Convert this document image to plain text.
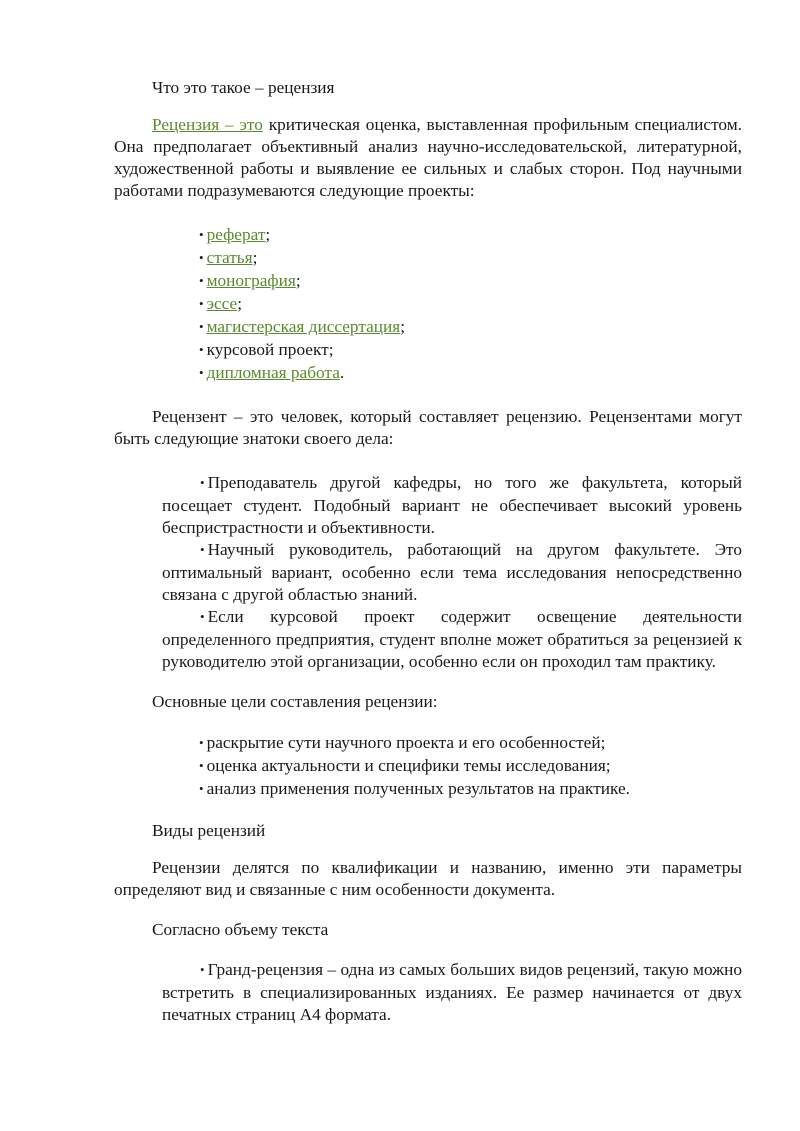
Что это такое – рецензия

Рецензия – это критическая оценка, выставленная профильным специалистом. Она предполагает объективный анализ научно-исследовательской, литературной, художественной работы и выявление ее сильных и слабых сторон. Под научными работами подразумеваются следующие проекты:

• реферат;
• статья;
• монография;
• эссе;
• магистерская диссертация;
• курсовой проект;
• дипломная работа.

Рецензент – это человек, который составляет рецензию. Рецензентами могут быть следующие знатоки своего дела:

• Преподаватель другой кафедры, но того же факультета, который посещает студент. Подобный вариант не обеспечивает высокий уровень беспристрастности и объективности.
• Научный руководитель, работающий на другом факультете. Это оптимальный вариант, особенно если тема исследования непосредственно связана с другой областью знаний.
• Если курсовой проект содержит освещение деятельности определенного предприятия, студент вполне может обратиться за рецензией к руководителю этой организации, особенно если он проходил там практику.

Основные цели составления рецензии:

• раскрытие сути научного проекта и его особенностей;
• оценка актуальности и специфики темы исследования;
• анализ применения полученных результатов на практике.

Виды рецензий

Рецензии делятся по квалификации и названию, именно эти параметры определяют вид и связанные с ним особенности документа.

Согласно объему текста

• Гранд-рецензия – одна из самых больших видов рецензий, такую можно встретить в специализированных изданиях. Ее размер начинается от двух печатных страниц А4 формата.
